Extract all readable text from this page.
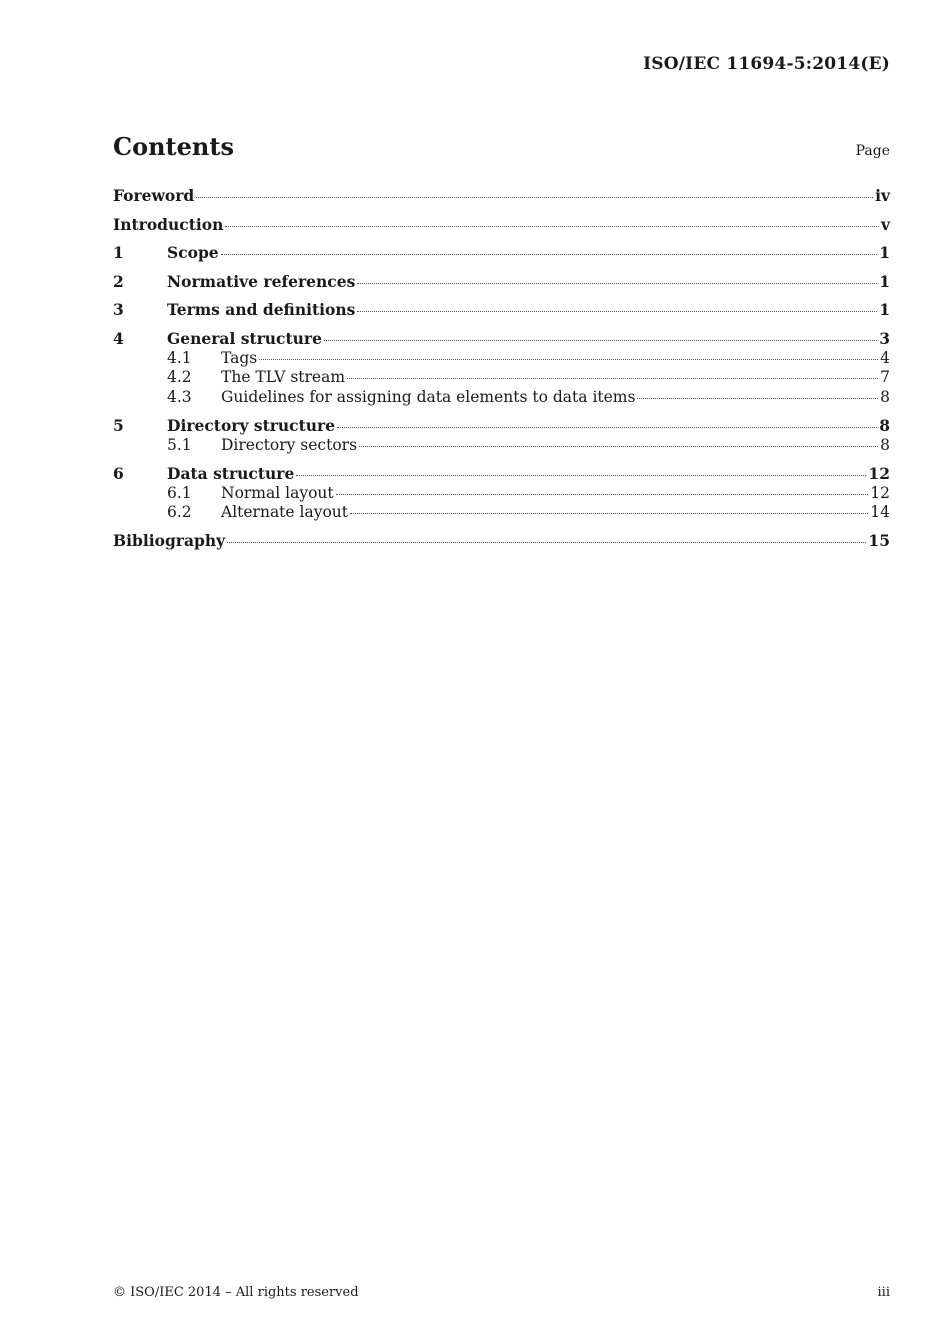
ISO/IEC 11694-5:2014(E)
Contents	Page
Foreword	iv
Introduction	v
1	Scope	1
2	Normative references	1
3	Terms and definitions	1
4	General structure	3
4.1	Tags	4
4.2	The TLV stream	7
4.3	Guidelines for assigning data elements to data items	8
5	Directory structure	8
5.1	Directory sectors	8
6	Data structure	12
6.1	Normal layout	12
6.2	Alternate layout	14
Bibliography	15
© ISO/IEC 2014 – All rights reserved	iii
